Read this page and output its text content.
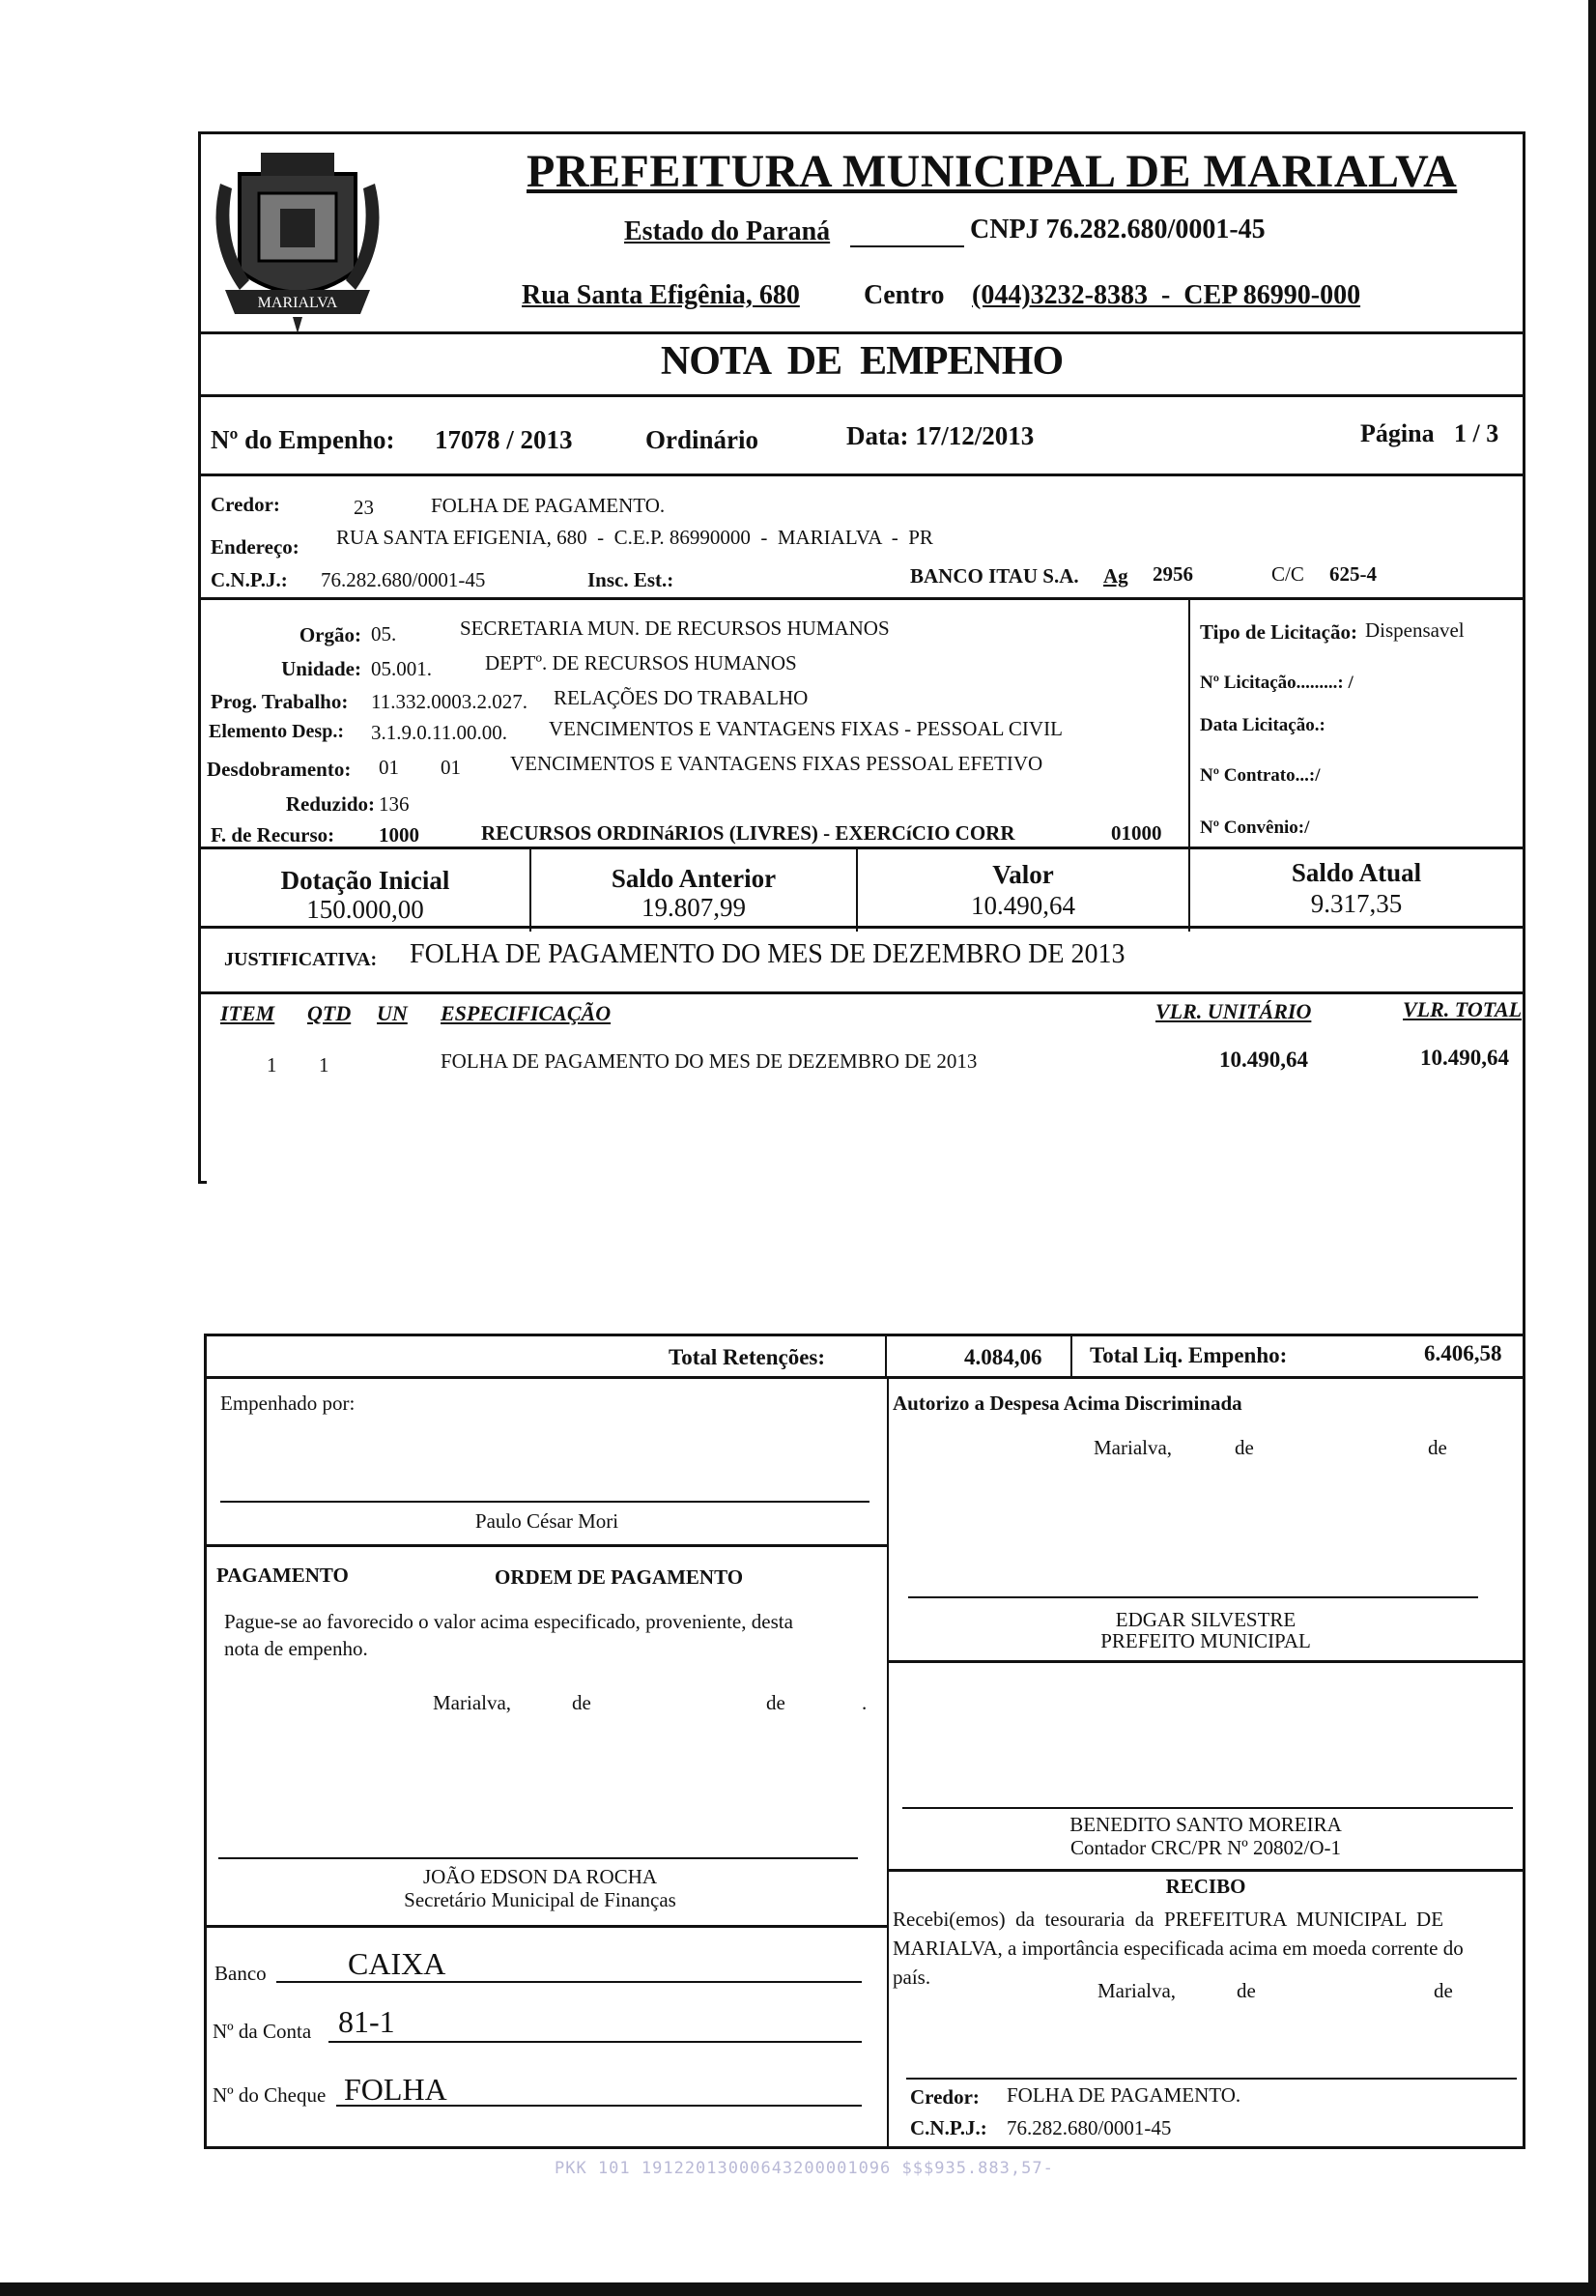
MARIALVA
PREFEITURA MUNICIPAL DE MARIALVA
Estado do Paraná	CNPJ 76.282.680/0001-45
Rua Santa Efigênia, 680 Centro (044)3232-8383  -  CEP 86990-000
NOTA  DE  EMPENHO
Nº do Empenho: 17078 / 2013	Ordinário	Data: 17/12/2013	Página 1 / 3
Credor:	23	FOLHA DE PAGAMENTO.
Endereço: RUA SANTA EFIGENIA, 680  -  C.E.P. 86990000  -  MARIALVA  -  PR
C.N.P.J.: 76.282.680/0001-45	Insc. Est.:	BANCO ITAU S.A. Ag 2956	C/C 625-4
Orgão: 05.	SECRETARIA MUN. DE RECURSOS HUMANOS
Unidade: 05.001.	DEPTº. DE RECURSOS HUMANOS
Prog. Trabalho: 11.332.0003.2.027. RELAÇÕES DO TRABALHO
Elemento Desp.: 3.1.9.0.11.00.00. VENCIMENTOS E VANTAGENS FIXAS - PESSOAL CIVIL
Desdobramento: 01 01 VENCIMENTOS E VANTAGENS FIXAS PESSOAL EFETIVO
Reduzido: 136
F. de Recurso: 1000	RECURSOS ORDINáRIOS (LIVRES) - EXERCíCIO CORR	01000
Tipo de Licitação: Dispensavel
Nº Licitação.........: /
Data Licitação.:
Nº Contrato...:/
Nº Convênio:/
Dotação Inicial
150.000,00
Saldo Anterior
19.807,99
Valor
10.490,64
Saldo Atual
9.317,35
JUSTIFICATIVA: FOLHA DE PAGAMENTO DO MES DE DEZEMBRO DE 2013
ITEM QTD UN ESPECIFICAÇÃO	VLR. UNITÁRIO	VLR. TOTAL
1 1	FOLHA DE PAGAMENTO DO MES DE DEZEMBRO DE 2013	10.490,64	10.490,64
Total Retenções:	4.084,06 Total Liq. Empenho:	6.406,58
Empenhado por:
Paulo César Mori
Autorizo a Despesa Acima Discriminada
Marialva,	de	de
EDGAR SILVESTRE
PREFEITO MUNICIPAL
PAGAMENTO	ORDEM DE PAGAMENTO
Pague-se ao favorecido o valor acima especificado, proveniente, desta
nota de empenho.
Marialva,	de	de	.
JOÃO EDSON DA ROCHA
Secretário Municipal de Finanças
BENEDITO SANTO MOREIRA
Contador CRC/PR Nº 20802/O-1
RECIBO
Recebi(emos)  da  tesouraria  da  PREFEITURA  MUNICIPAL  DE
MARIALVA, a importância especificada acima em moeda corrente do
país.
Marialva,	de	de
Credor: FOLHA DE PAGAMENTO.
C.N.P.J.: 76.282.680/0001-45
Banco	CAIXA
Nº da Conta 81-1
Nº do Cheque FOLHA
PKK 101 19122013000643200001096 $$$935.883,57-
